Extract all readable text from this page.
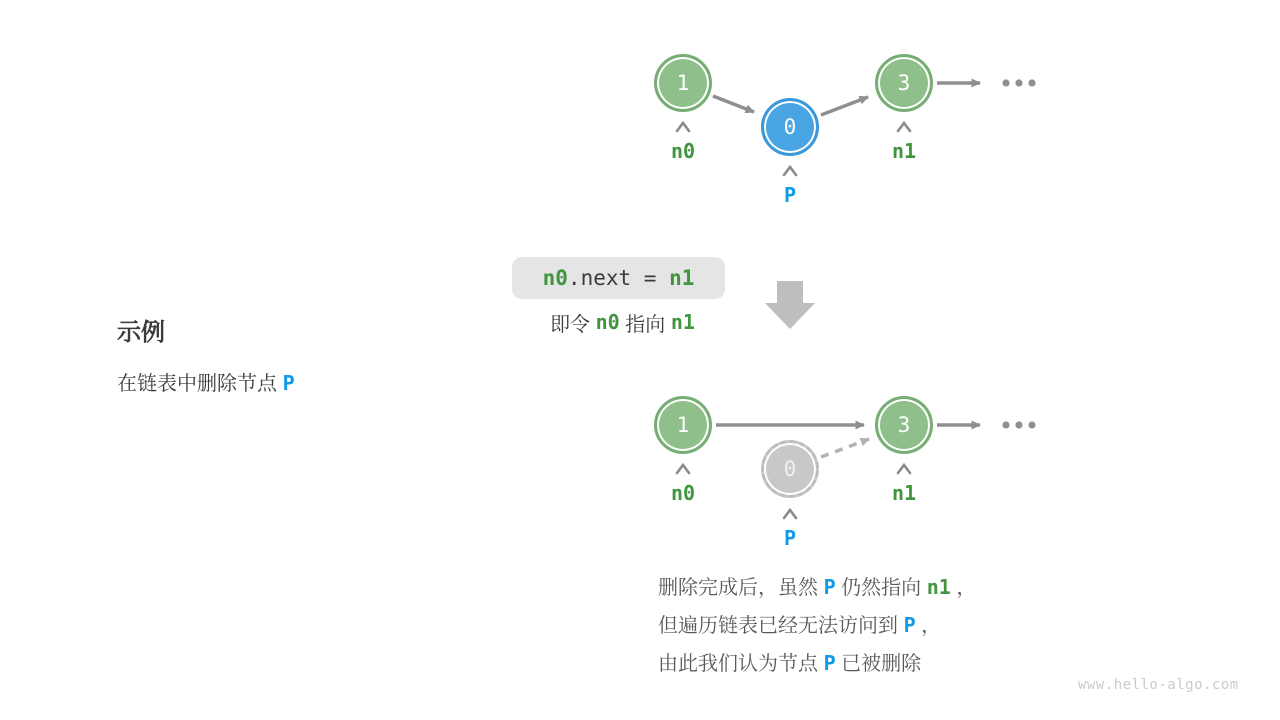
示例
在链表中删除节点 P
n0 .next = n1
即令 n0 指向 n1
1
0
3
n0	n1
P
1
0
3
n0	n1
P
删除完成后，虽然 P 仍然指向 n1 ，
但遍历链表已经无法访问到 P ，
由此我们认为节点 P 已被删除
www.hello-algo.com
